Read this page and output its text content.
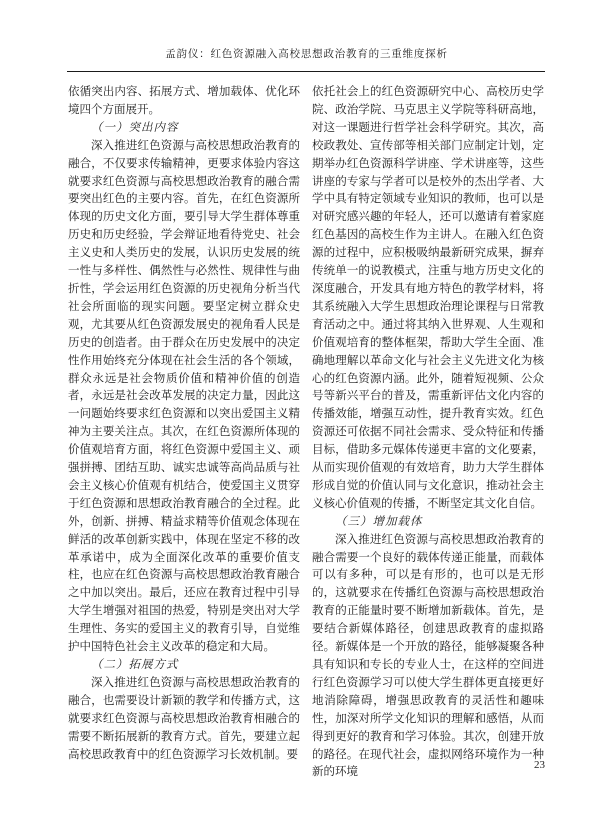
孟韵仪：红色资源融入高校思想政治教育的三重维度探析

依循突出内容、拓展方式、增加载体、优化环境四个方面展开。

（一）突出内容

深入推进红色资源与高校思想政治教育的融合，不仅要求传输精神，更要求体验内容这就要求红色资源与高校思想政治教育的融合需要突出红色的主要内容。首先，在红色资源所体现的历史文化方面，要引导大学生群体尊重历史和历史经验，学会辩证地看待党史、社会主义史和人类历史的发展，认识历史发展的统一性与多样性、偶然性与必然性、规律性与曲折性，学会运用红色资源的历史视角分析当代社会所面临的现实问题。要坚定树立群众史观，尤其要从红色资源发展史的视角看人民是历史的创造者。由于群众在历史发展中的决定性作用始终充分体现在社会生活的各个领域，群众永远是社会物质价值和精神价值的创造者，永远是社会改革发展的决定力量，因此这一问题始终要求红色资源和以突出爱国主义精神为主要关注点。其次，在红色资源所体现的价值观培育方面，将红色资源中爱国主义、顽强拼搏、团结互助、诚实忠诚等高尚品质与社会主义核心价值观有机结合，使爱国主义贯穿于红色资源和思想政治教育融合的全过程。此外，创新、拼搏、精益求精等价值观念体现在鲜活的改革创新实践中，体现在坚定不移的改革承诺中，成为全面深化改革的重要价值支柱，也应在红色资源与高校思想政治教育融合之中加以突出。最后，还应在教育过程中引导大学生增强对祖国的热爱，特别是突出对大学生理性、务实的爱国主义的教育引导，自觉维护中国特色社会主义改革的稳定和大局。

（二）拓展方式

深入推进红色资源与高校思想政治教育的融合，也需要设计新颖的教学和传播方式，这就要求红色资源与高校思想政治教育相融合的需要不断拓展新的教育方式。首先，要建立起高校思政教育中的红色资源学习长效机制。要

依托社会上的红色资源研究中心、高校历史学院、政治学院、马克思主义学院等科研高地，对这一课题进行哲学社会科学研究。其次，高校政教处、宣传部等相关部门应制定计划，定期举办红色资源科学讲座、学术讲座等，这些讲座的专家与学者可以是校外的杰出学者、大学中具有特定领域专业知识的教师，也可以是对研究感兴趣的年轻人，还可以邀请有着家庭红色基因的高校生作为主讲人。在融入红色资源的过程中，应积极吸纳最新研究成果，摒弃传统单一的说教模式，注重与地方历史文化的深度融合，开发具有地方特色的教学材料，将其系统融入大学生思想政治理论课程与日常教育活动之中。通过将其纳入世界观、人生观和价值观培育的整体框架，帮助大学生全面、准确地理解以革命文化与社会主义先进文化为核心的红色资源内涵。此外，随着短视频、公众号等新兴平台的普及，需重新评估文化内容的传播效能，增强互动性，提升教育实效。红色资源还可依据不同社会需求、受众特征和传播目标，借助多元媒体传递更丰富的文化要素，从而实现价值观的有效培育，助力大学生群体形成自觉的价值认同与文化意识，推动社会主义核心价值观的传播，不断坚定其文化自信。

（三）增加载体

深入推进红色资源与高校思想政治教育的融合需要一个良好的载体传递正能量，而载体可以有多种，可以是有形的，也可以是无形的，这就要求在传播红色资源与高校思想政治教育的正能量时要不断增加新载体。首先，是要结合新媒体路径，创建思政教育的虚拟路径。新媒体是一个开放的路径，能够凝聚各种具有知识和专长的专业人士，在这样的空间进行红色资源学习可以使大学生群体更直接更好地消除障碍，增强思政教育的灵活性和趣味性，加深对所学文化知识的理解和感悟，从而得到更好的教育和学习体验。其次，创建开放的路径。在现代社会，虚拟网络环境作为一种新的环境

23
